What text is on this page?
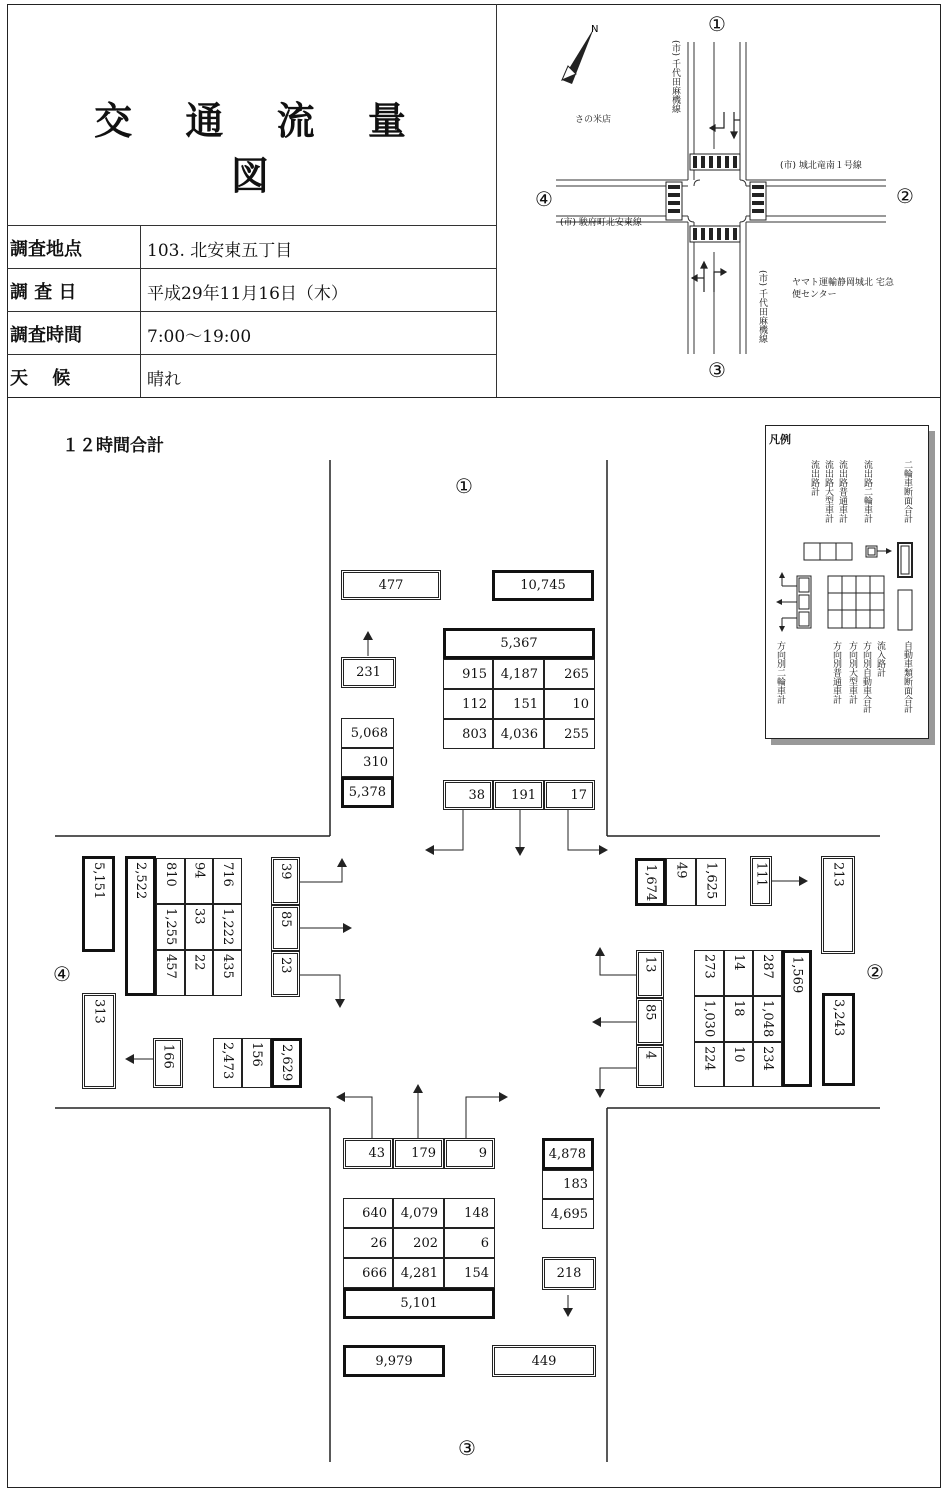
交 通 流 量 図
調査地点	103. 北安東五丁目
調 査 日	平成29年11月16日（木）
調査時間	7:00～19:00
天 　候	晴れ
N	①
②
③
④
(市) 千代田麻機線
(市) 千代田麻機線
(市) 城北竜南１号線
(市) 駿府町北安東線
さの米店
ヤマト運輸静岡城北 宅急便センター
１２時間合計	凡例
流出路計 流出路大型車計 流出路普通車計 流出路二輪車計	二輪車断面合計
方向別二輪車計	方向別普通車計 方向別大型車計 方向別自動車合計 流入路計 自動車類断面合計
①
②
③
④
477	10,745
5,367
915	4,187	265
112	151	10
803	4,036	255
38	191	17
231
5,068
310
5,378
1,674	49	1,625	111	213
3,243
13
85
4
273	14	287
1,030	18	1,048
224	10	234
1,569
43	179	9	4,878
183
4,695
640	4,079	148
26	202	6
666	4,281	154
5,101
218
9,979	449
5,151
313
2,522	810	94	716
1,255	33	1,222
457	22	435
39
85
23
166	2,473	156	2,629
